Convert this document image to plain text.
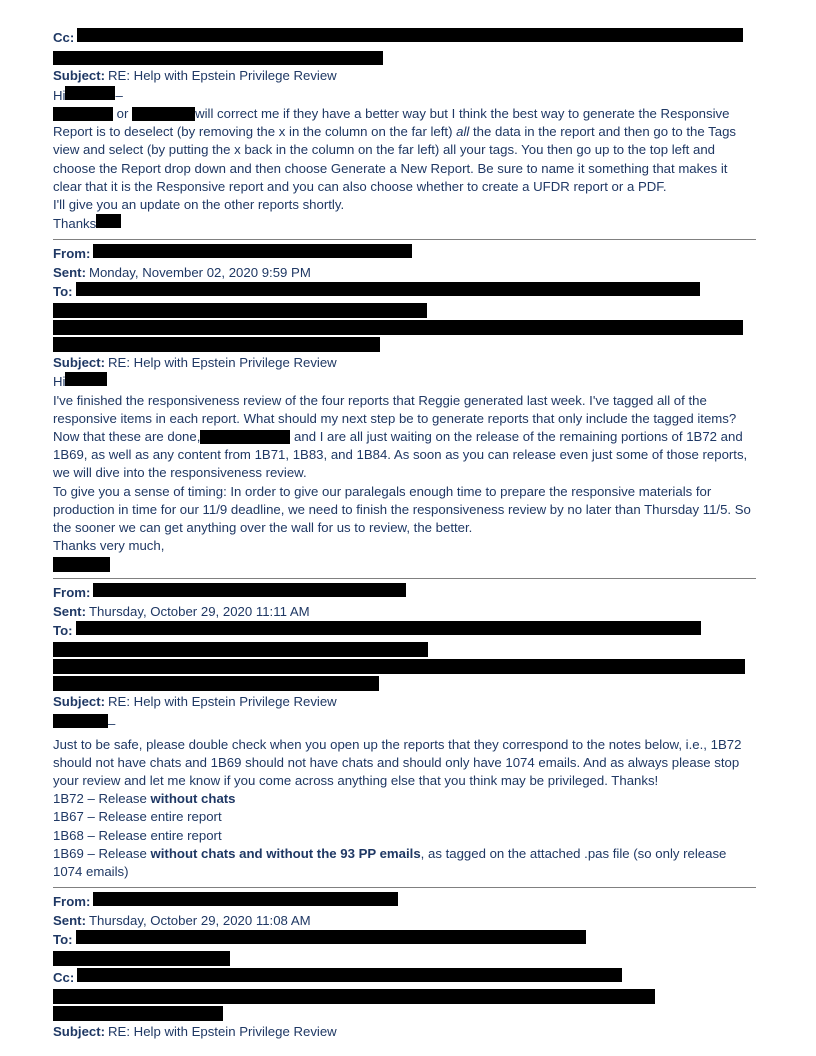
Cc:
Subject: RE: Help with Epstein Privilege Review
Hi	–

or	will correct me if they have a better way but I think the best way to generate the Responsive Report is to deselect (by removing the x in the column on the far left) all the data in the report and then go to the Tags view and select (by putting the x back in the column on the far left) all your tags. You then go up to the top left and choose the Report drop down and then choose Generate a New Report. Be sure to name it something that makes it clear that it is the Responsive report and you can also choose whether to create a UFDR report or a PDF.

I'll give you an update on the other reports shortly.

Thanks
From:
Sent: Monday, November 02, 2020 9:59 PM
To:
Subject: RE: Help with Epstein Privilege Review
Hi

I've finished the responsiveness review of the four reports that Reggie generated last week. I've tagged all of the responsive items in each report. What should my next step be to generate reports that only include the tagged items? Now that these are done,	and I are all just waiting on the release of the remaining portions of 1B72 and 1B69, as well as any content from 1B71, 1B83, and 1B84. As soon as you can release even just some of those reports, we will dive into the responsiveness review.

To give you a sense of timing: In order to give our paralegals enough time to prepare the responsive materials for production in time for our 11/9 deadline, we need to finish the responsiveness review by no later than Thursday 11/5. So the sooner we can get anything over the wall for us to review, the better.

Thanks very much,

From:
Sent: Thursday, October 29, 2020 11:11 AM
To:
Subject: RE: Help with Epstein Privilege Review
–

Just to be safe, please double check when you open up the reports that they correspond to the notes below, i.e., 1B72 should not have chats and 1B69 should not have chats and should only have 1074 emails. And as always please stop your review and let me know if you come across anything else that you think may be privileged. Thanks!

1B72 – Release without chats

1B67 – Release entire report

1B68 – Release entire report

1B69 – Release without chats and without the 93 PP emails, as tagged on the attached .pas file (so only release 1074 emails)

From:
Sent: Thursday, October 29, 2020 11:08 AM
To:
Cc:
Subject: RE: Help with Epstein Privilege Review
